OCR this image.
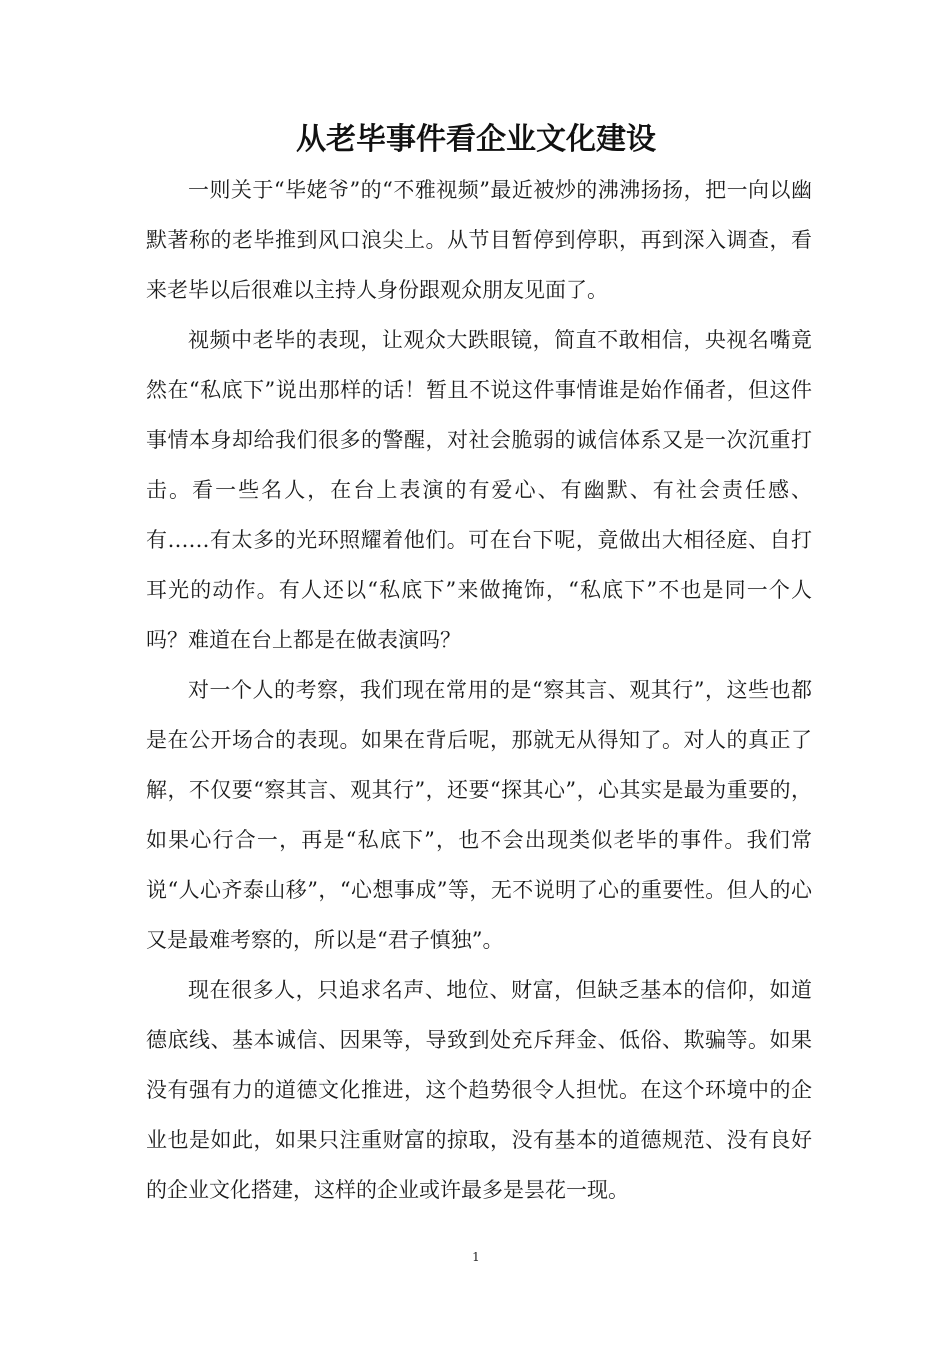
从老毕事件看企业文化建设

一则关于“毕姥爷”的“不雅视频”最近被炒的沸沸扬扬，把一向以幽默著称的老毕推到风口浪尖上。从节目暂停到停职，再到深入调查，看来老毕以后很难以主持人身份跟观众朋友见面了。

视频中老毕的表现，让观众大跌眼镜，简直不敢相信，央视名嘴竟然在“私底下”说出那样的话！暂且不说这件事情谁是始作俑者，但这件事情本身却给我们很多的警醒，对社会脆弱的诚信体系又是一次沉重打击。看一些名人，在台上表演的有爱心、有幽默、有社会责任感、有……有太多的光环照耀着他们。可在台下呢，竟做出大相径庭、自打耳光的动作。有人还以“私底下”来做掩饰，“私底下”不也是同一个人吗？难道在台上都是在做表演吗？

对一个人的考察，我们现在常用的是“察其言、观其行”，这些也都是在公开场合的表现。如果在背后呢，那就无从得知了。对人的真正了解，不仅要“察其言、观其行”，还要“探其心”，心其实是最为重要的，如果心行合一，再是“私底下”，也不会出现类似老毕的事件。我们常说“人心齐泰山移”，“心想事成”等，无不说明了心的重要性。但人的心又是最难考察的，所以是“君子慎独”。

现在很多人，只追求名声、地位、财富，但缺乏基本的信仰，如道德底线、基本诚信、因果等，导致到处充斥拜金、低俗、欺骗等。如果没有强有力的道德文化推进，这个趋势很令人担忧。在这个环境中的企业也是如此，如果只注重财富的掠取，没有基本的道德规范、没有良好的企业文化搭建，这样的企业或许最多是昙花一现。

1
